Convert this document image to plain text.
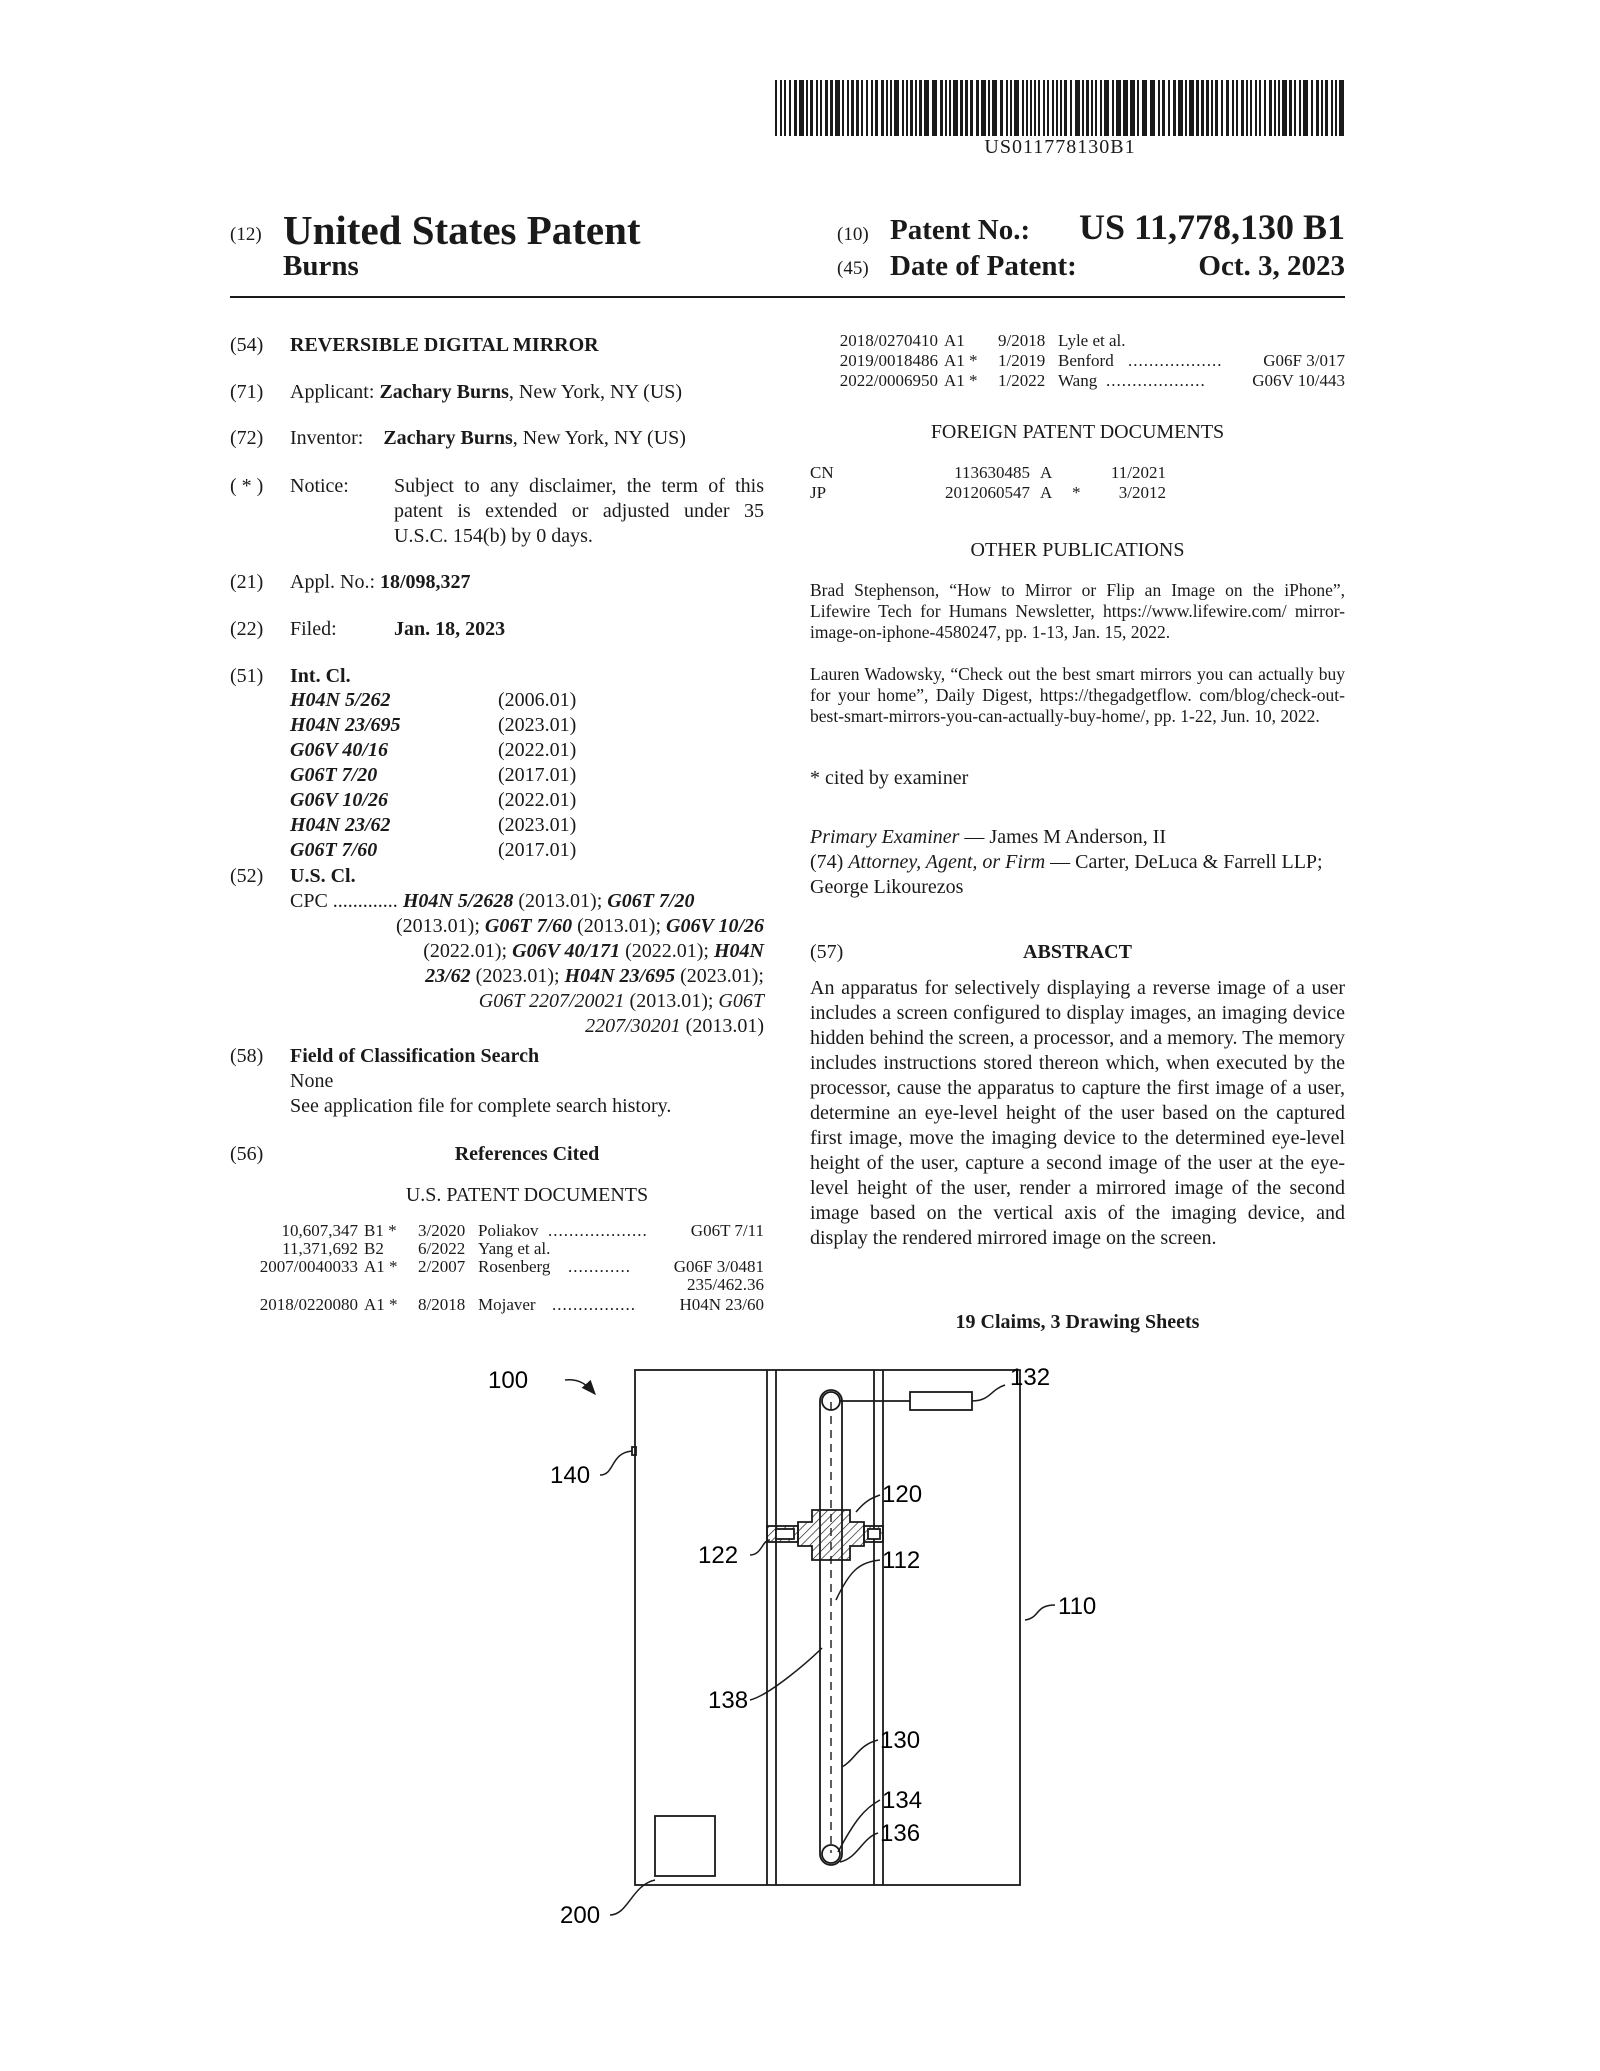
US011778130B1
(12) United States Patent
Burns
(10) Patent No.:	US 11,778,130 B1
(45) Date of Patent:	Oct. 3, 2023
(54) REVERSIBLE DIGITAL MIRROR
(71) Applicant: Zachary Burns, New York, NY (US)
(72) Inventor: Zachary Burns, New York, NY (US)
( * ) Notice: Subject to any disclaimer, the term of this patent is extended or adjusted under 35 U.S.C. 154(b) by 0 days.
(21) Appl. No.: 18/098,327
(22) Filed:	Jan. 18, 2023
(51) Int. Cl.
H04N 5/262	(2006.01)
H04N 23/695	(2023.01)
G06V 40/16	(2022.01)
G06T 7/20	(2017.01)
G06V 10/26	(2022.01)
H04N 23/62	(2023.01)
G06T 7/60	(2017.01)
(52) U.S. Cl.
CPC ............. H04N 5/2628 (2013.01); G06T 7/20
(2013.01); G06T 7/60 (2013.01); G06V 10/26
(2022.01); G06V 40/171 (2022.01); H04N
23/62 (2023.01); H04N 23/695 (2023.01);
G06T 2207/20021 (2013.01); G06T
2207/30201 (2013.01)
(58) Field of Classification Search
None
See application file for complete search history.
(56)	References Cited
U.S. PATENT DOCUMENTS
10,607,347 B1 * 3/2020 Poliakov ...................	G06T 7/11
11,371,692 B2 6/2022 Yang et al.
2007/0040033 A1 * 2/2007 Rosenberg ............	G06F 3/0481
235/462.36
2018/0220080 A1 * 8/2018 Mojaver ................	H04N 23/60
2018/0270410 A1 9/2018 Lyle et al.
2019/0018486 A1 * 1/2019 Benford ..................	G06F 3/017
2022/0006950 A1 * 1/2022 Wang ...................	G06V 10/443
FOREIGN PATENT DOCUMENTS
CN	113630485 A	11/2021
JP	2012060547 A *	3/2012
OTHER PUBLICATIONS
Brad Stephenson, “How to Mirror or Flip an Image on the iPhone”, Lifewire Tech for Humans Newsletter, https://www.lifewire.com/ mirror-image-on-iphone-4580247, pp. 1-13, Jan. 15, 2022.
Lauren Wadowsky, “Check out the best smart mirrors you can actually buy for your home”, Daily Digest, https://thegadgetflow. com/blog/check-out-best-smart-mirrors-you-can-actually-buy-home/, pp. 1-22, Jun. 10, 2022.
* cited by examiner
Primary Examiner — James M Anderson, II
(74) Attorney, Agent, or Firm — Carter, DeLuca & Farrell LLP; George Likourezos
(57)	ABSTRACT
An apparatus for selectively displaying a reverse image of a user includes a screen configured to display images, an imaging device hidden behind the screen, a processor, and a memory. The memory includes instructions stored thereon which, when executed by the processor, cause the apparatus to capture the first image of a user, determine an eye-level height of the user based on the captured first image, move the imaging device to the determined eye-level height of the user, capture a second image of the user at the eye-level height of the user, render a mirrored image of the second image based on the vertical axis of the imaging device, and display the rendered mirrored image on the screen.
19 Claims, 3 Drawing Sheets
100	132
140
120
122	112
110
138
130
134
136
200
